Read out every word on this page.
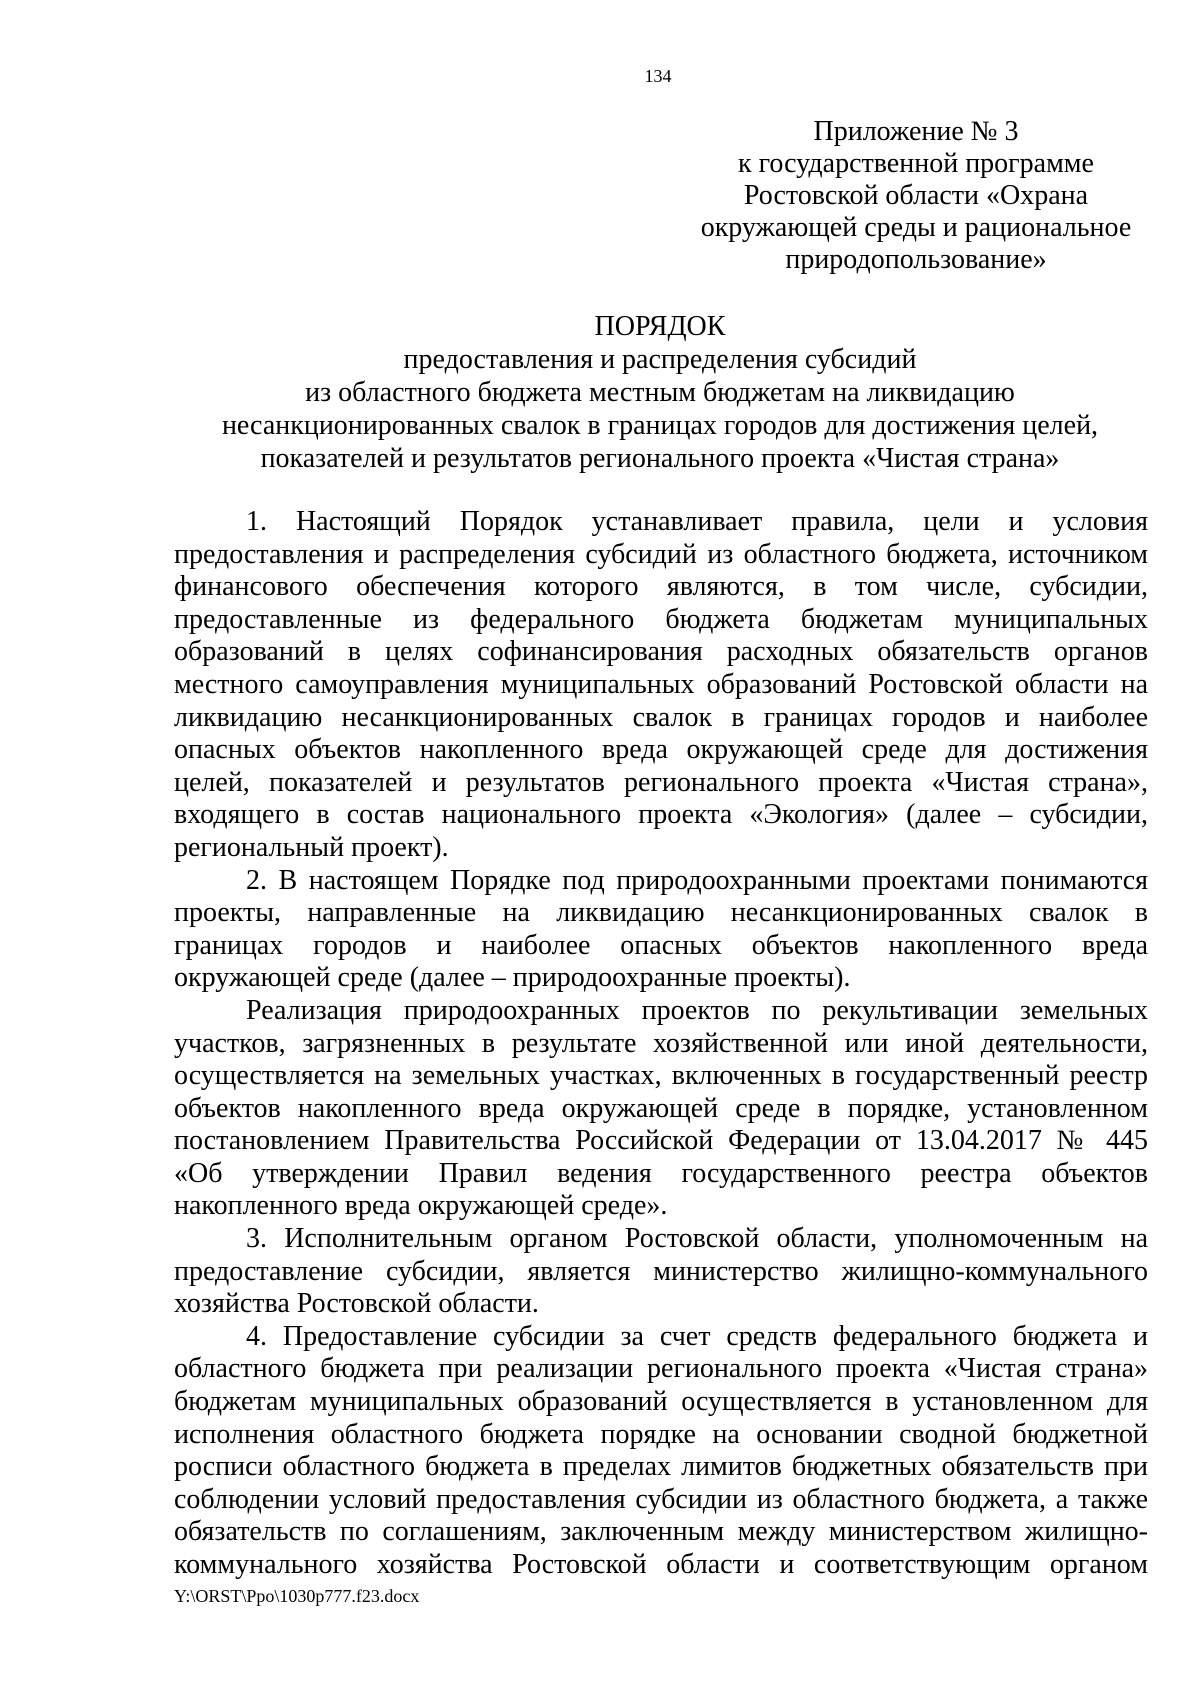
134
Приложение № 3
к государственной программе
Ростовской области «Охрана
окружающей среды и рациональное
природопользование»
ПОРЯДОК
предоставления и распределения субсидий
из областного бюджета местным бюджетам на ликвидацию
несанкционированных свалок в границах городов для достижения целей,
показателей и результатов регионального проекта «Чистая страна»
1. Настоящий Порядок устанавливает правила, цели и условия
предоставления и распределения субсидий из областного бюджета, источником
финансового обеспечения которого являются, в том числе, субсидии,
предоставленные из федерального бюджета бюджетам муниципальных
образований в целях софинансирования расходных обязательств органов
местного самоуправления муниципальных образований Ростовской области на
ликвидацию несанкционированных свалок в границах городов и наиболее
опасных объектов накопленного вреда окружающей среде для достижения
целей, показателей и результатов регионального проекта «Чистая страна»,
входящего в состав национального проекта «Экология» (далее – субсидии,
региональный проект).
2. В настоящем Порядке под природоохранными проектами понимаются
проекты, направленные на ликвидацию несанкционированных свалок в
границах городов и наиболее опасных объектов накопленного вреда
окружающей среде (далее – природоохранные проекты).
Реализация природоохранных проектов по рекультивации земельных
участков, загрязненных в результате хозяйственной или иной деятельности,
осуществляется на земельных участках, включенных в государственный реестр
объектов накопленного вреда окружающей среде в порядке, установленном
постановлением Правительства Российской Федерации от 13.04.2017 № 445
«Об утверждении Правил ведения государственного реестра объектов
накопленного вреда окружающей среде».
3. Исполнительным органом Ростовской области, уполномоченным на
предоставление субсидии, является министерство жилищно-коммунального
хозяйства Ростовской области.
4. Предоставление субсидии за счет средств федерального бюджета и
областного бюджета при реализации регионального проекта «Чистая страна»
бюджетам муниципальных образований осуществляется в установленном для
исполнения областного бюджета порядке на основании сводной бюджетной
росписи областного бюджета в пределах лимитов бюджетных обязательств при
соблюдении условий предоставления субсидии из областного бюджета, а также
обязательств по соглашениям, заключенным между министерством жилищно-
коммунального хозяйства Ростовской области и соответствующим органом
Y:\ORST\Ppo\1030p777.f23.docx
